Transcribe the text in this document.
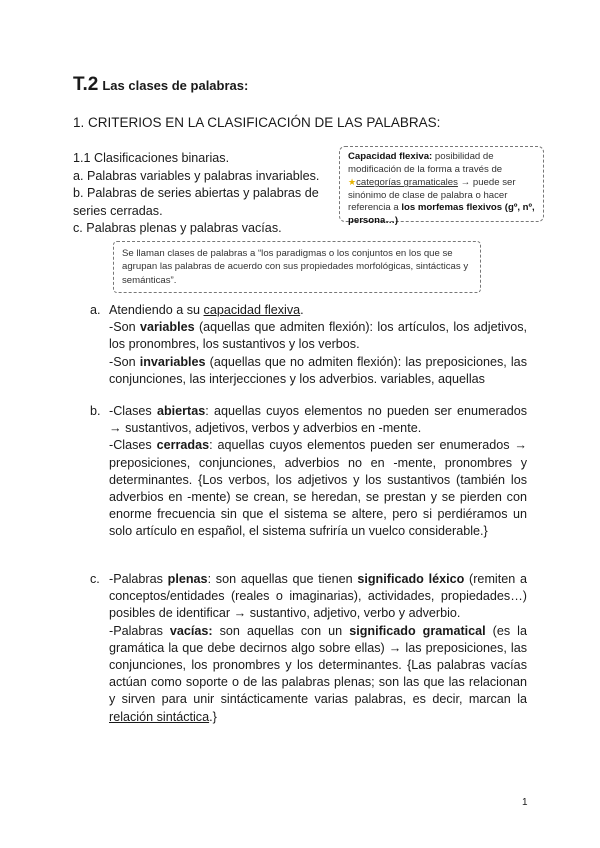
T.2 Las clases de palabras:
1. CRITERIOS EN LA CLASIFICACIÓN DE LAS PALABRAS:
1.1 Clasificaciones binarias.
a. Palabras variables y palabras invariables.
b. Palabras de series abiertas y palabras de
series cerradas.
c. Palabras plenas y palabras vacías.
Capacidad flexiva: posibilidad de modificación de la forma a través de ★categorías gramaticales → puede ser sinónimo de clase de palabra o hacer referencia a los morfemas flexivos (gº, nº, persona…)
Se llaman clases de palabras a “los paradigmas o los conjuntos en los que se agrupan las palabras de acuerdo con sus propiedades morfológicas, sintácticas y semánticas”.
a. Atendiendo a su capacidad flexiva.

-Son variables (aquellas que admiten flexión): los artículos, los adjetivos, los pronombres, los sustantivos y los verbos.

-Son invariables (aquellas que no admiten flexión): las preposiciones, las conjunciones, las interjecciones y los adverbios. variables, aquellas

b. -Clases abiertas: aquellas cuyos elementos no pueden ser enumerados → sustantivos, adjetivos, verbos y adverbios en -mente.

-Clases cerradas: aquellas cuyos elementos pueden ser enumerados → preposiciones, conjunciones, adverbios no en -mente, pronombres y determinantes. {Los verbos, los adjetivos y los sustantivos (también los adverbios en -mente) se crean, se heredan, se prestan y se pierden con enorme frecuencia sin que el sistema se altere, pero si perdiéramos un solo artículo en español, el sistema sufriría un vuelco considerable.}

c. -Palabras plenas: son aquellas que tienen significado léxico (remiten a conceptos/entidades (reales o imaginarias), actividades, propiedades…) posibles de identificar → sustantivo, adjetivo, verbo y adverbio.

-Palabras vacías: son aquellas con un significado gramatical (es la gramática la que debe decirnos algo sobre ellas) → las preposiciones, las conjunciones, los pronombres y los determinantes. {Las palabras vacías actúan como soporte o de las palabras plenas; son las que las relacionan y sirven para unir sintácticamente varias palabras, es decir, marcan la relación sintáctica.}

1
